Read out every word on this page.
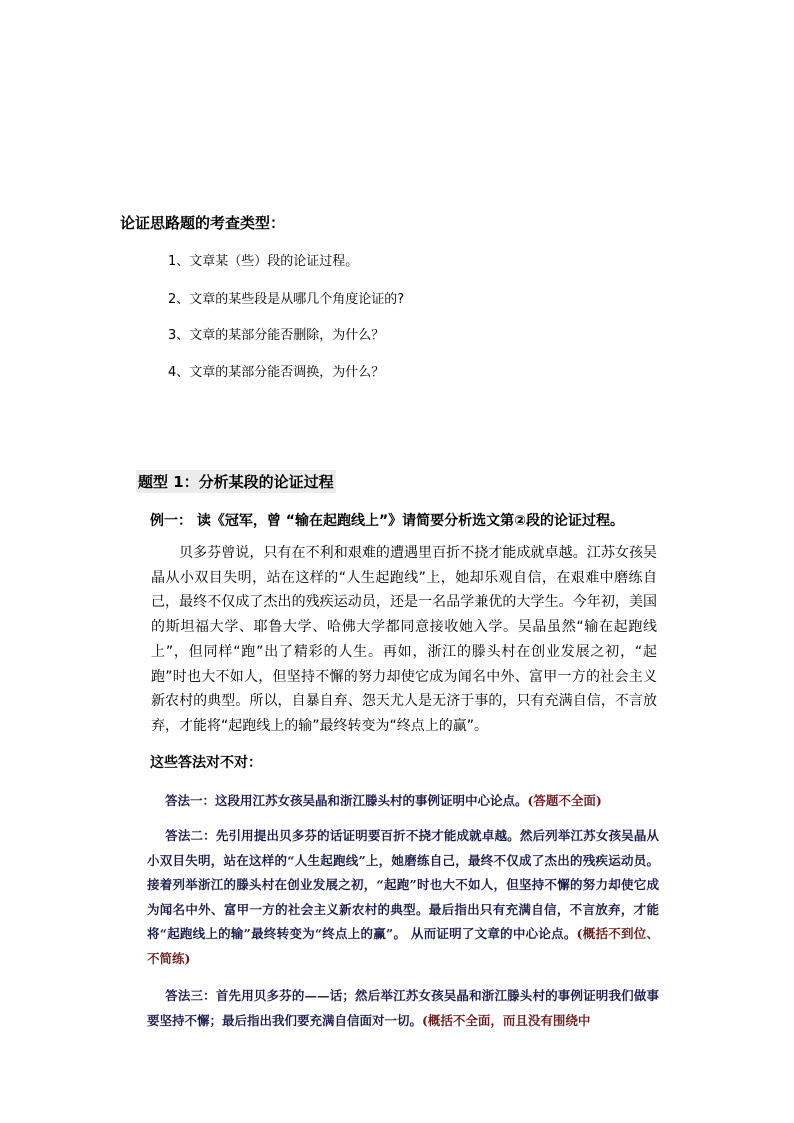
论证思路题的考查类型：
1、文章某（些）段的论证过程。
2、文章的某些段是从哪几个角度论证的?
3、文章的某部分能否删除，为什么？
4、文章的某部分能否调换，为什么？
题型 1：分析某段的论证过程
例一： 读《冠军，曾 “输在起跑线上”》请简要分析选文第②段的论证过程。
贝多芬曾说，只有在不利和艰难的遭遇里百折不挠才能成就卓越。江苏女孩吴晶从小双目失明，站在这样的“人生起跑线”上，她却乐观自信，在艰难中磨练自己，最终不仅成了杰出的残疾运动员，还是一名品学兼优的大学生。今年初，美国的斯坦福大学、耶鲁大学、哈佛大学都同意接收她入学。吴晶虽然“输在起跑线上”，但同样“跑”出了精彩的人生。再如，浙江的滕头村在创业发展之初，“起跑”时也大不如人，但坚持不懈的努力却使它成为闻名中外、富甲一方的社会主义新农村的典型。所以，自暴自弃、怨天尤人是无济于事的，只有充满自信，不言放弃，才能将“起跑线上的输”最终转变为“终点上的赢”。
这些答法对不对：
答法一：这段用江苏女孩吴晶和浙江滕头村的事例证明中心论点。(答题不全面)
答法二：先引用提出贝多芬的话证明要百折不挠才能成就卓越。然后列举江苏女孩吴晶从小双目失明，站在这样的“人生起跑线”上，她磨练自己，最终不仅成了杰出的残疾运动员。接着列举浙江的滕头村在创业发展之初，“起跑”时也大不如人，但坚持不懈的努力却使它成为闻名中外、富甲一方的社会主义新农村的典型。最后指出只有充满自信，不言放弃，才能将“起跑线上的输”最终转变为“终点上的赢”。 从而证明了文章的中心论点。(概括不到位、不简练)
答法三：首先用贝多芬的——话；然后举江苏女孩吴晶和浙江滕头村的事例证明我们做事要坚持不懈；最后指出我们要充满自信面对一切。(概括不全面，而且没有围绕中
